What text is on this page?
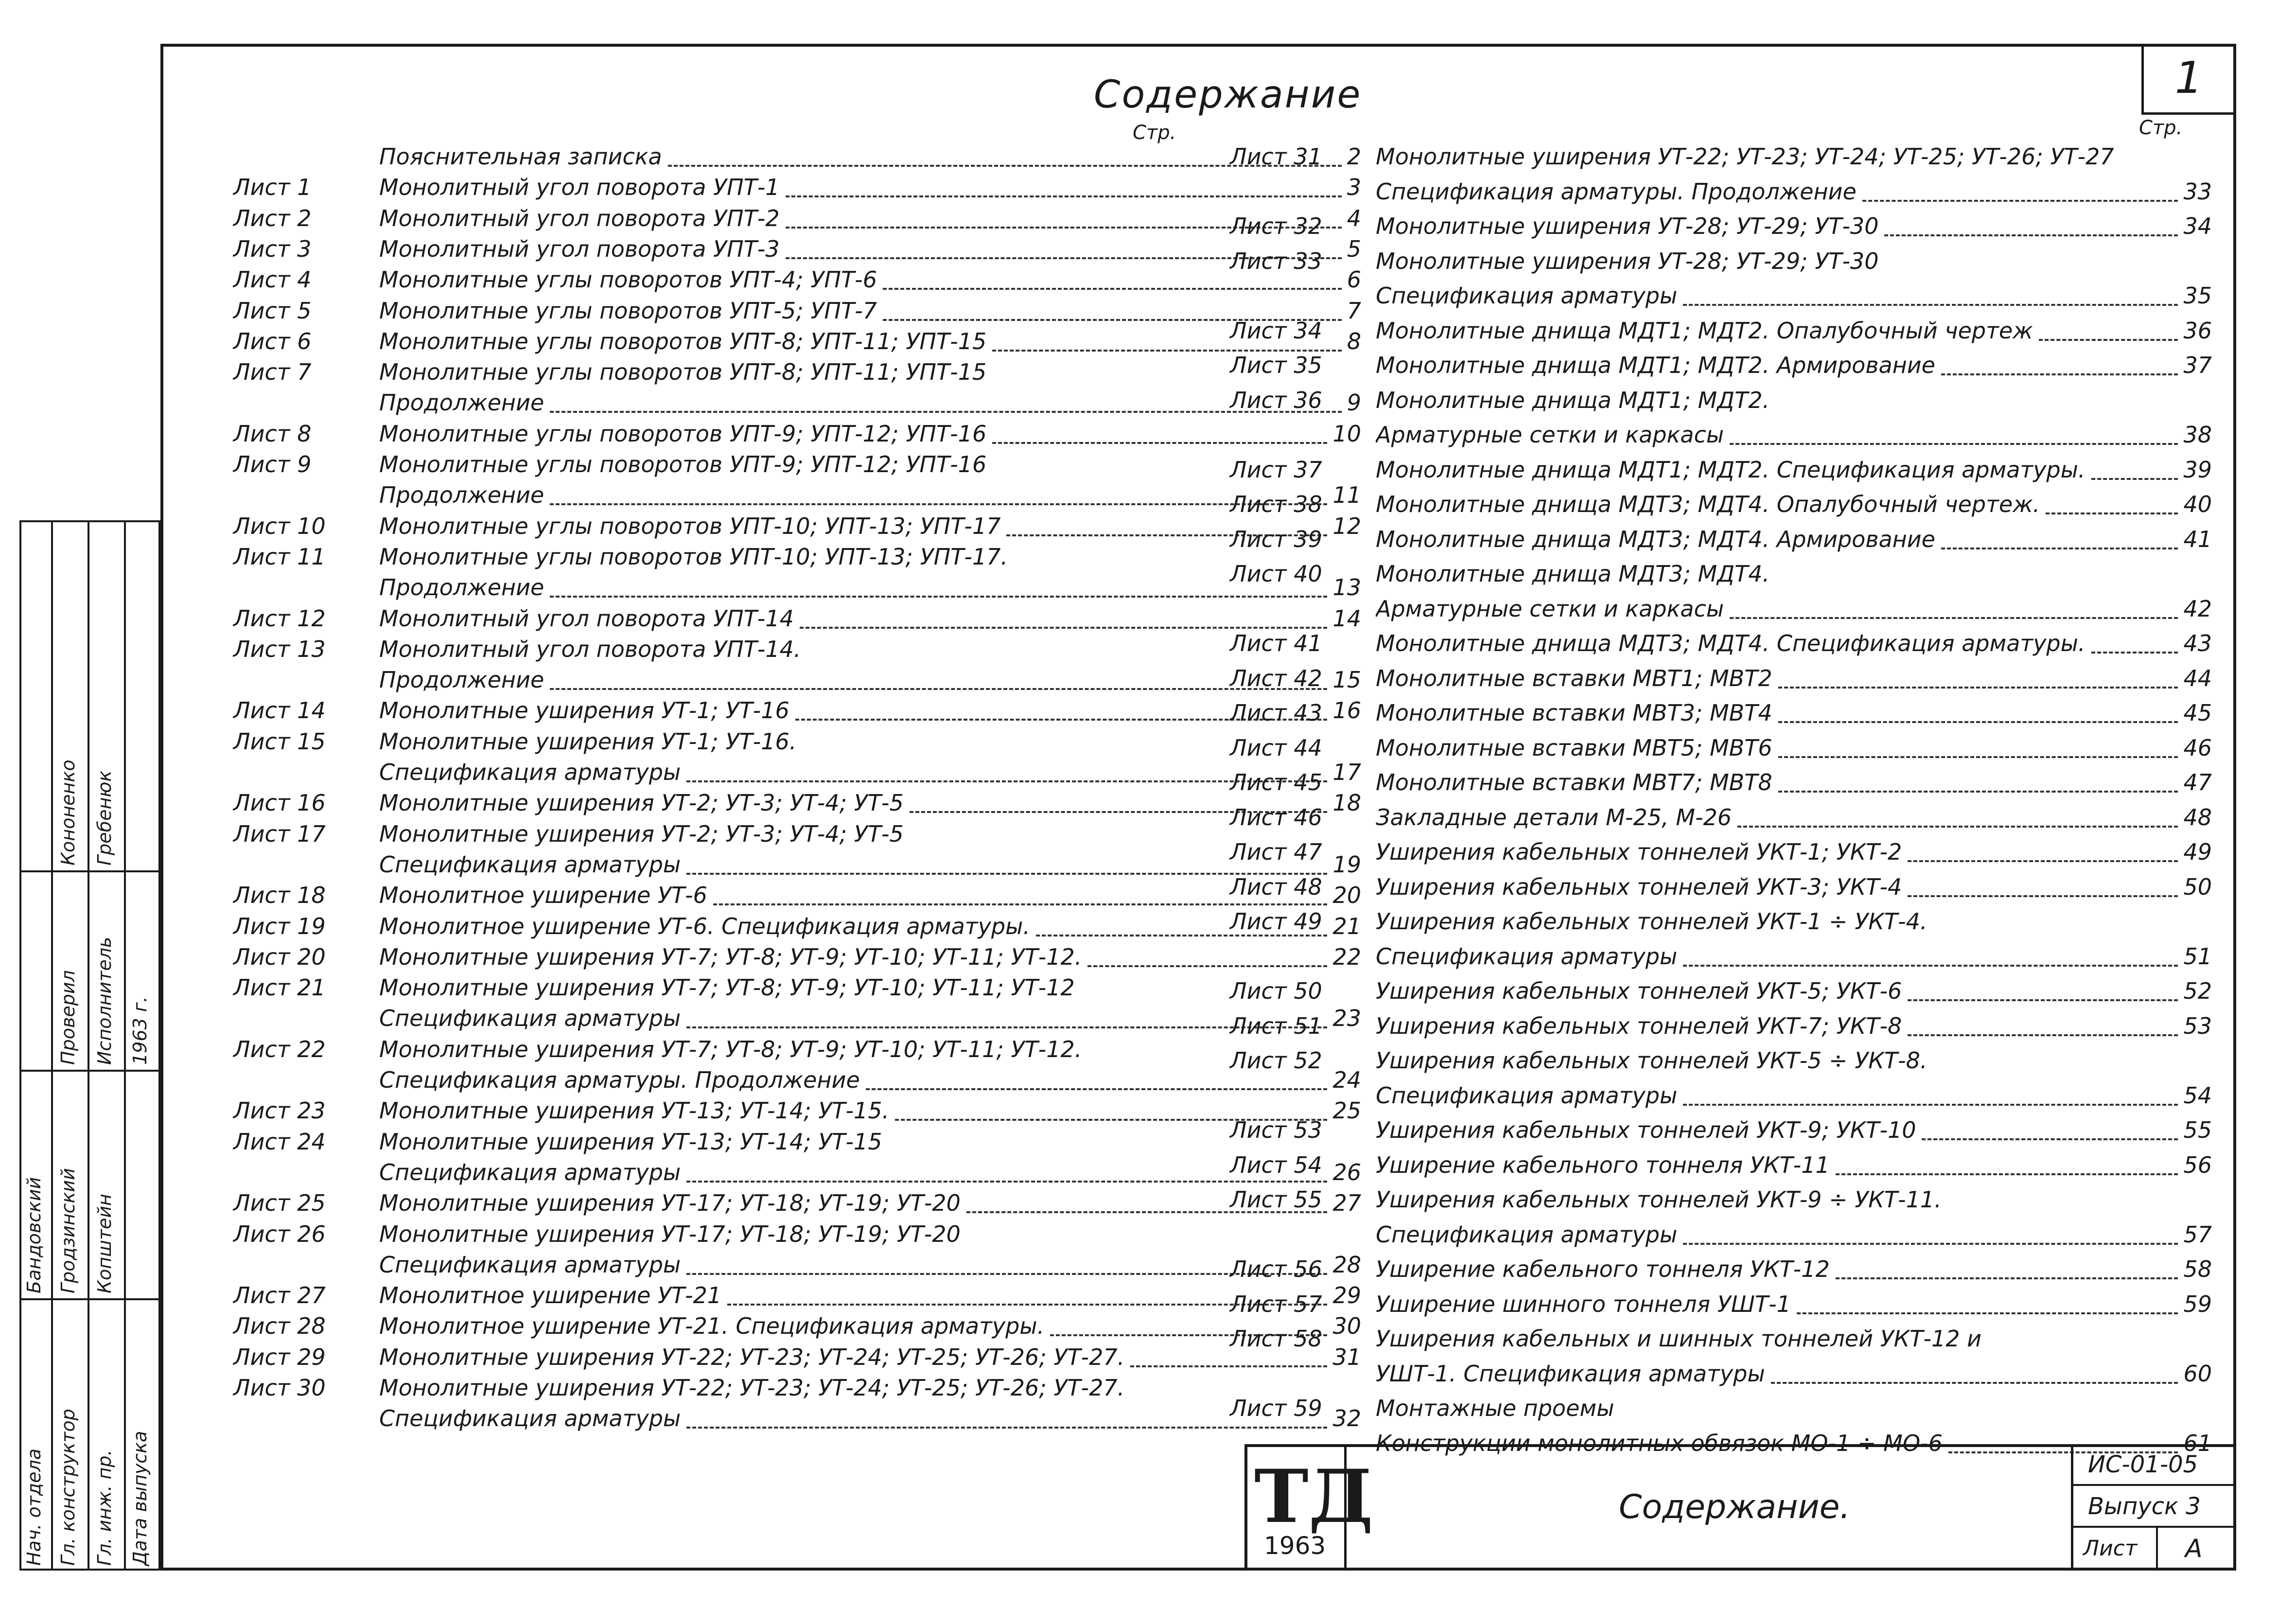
1
Содержание
Стр.	Стр.
Пояснительная записка	2
Лист 1	Монолитный угол поворота УПТ-1	3
Лист 2	Монолитный угол поворота УПТ-2	4
Лист 3	Монолитный угол поворота УПТ-3	5
Лист 4	Монолитные углы поворотов УПТ-4; УПТ-6	6
Лист 5	Монолитные углы поворотов УПТ-5; УПТ-7	7
Лист 6	Монолитные углы поворотов УПТ-8; УПТ-11; УПТ-15	8
Лист 7	Монолитные углы поворотов УПТ-8; УПТ-11; УПТ-15
Продолжение	9
Лист 8	Монолитные углы поворотов УПТ-9; УПТ-12; УПТ-16	10
Лист 9	Монолитные углы поворотов УПТ-9; УПТ-12; УПТ-16
Продолжение	11
Лист 10	Монолитные углы поворотов УПТ-10; УПТ-13; УПТ-17	12
Лист 11	Монолитные углы поворотов УПТ-10; УПТ-13; УПТ-17.
Продолжение	13
Лист 12	Монолитный угол поворота УПТ-14	14
Лист 13	Монолитный угол поворота УПТ-14.
Продолжение	15
Лист 14	Монолитные уширения УТ-1; УТ-16	16
Лист 15	Монолитные уширения УТ-1; УТ-16.
Спецификация арматуры	17
Лист 16	Монолитные уширения УТ-2; УТ-3; УТ-4; УТ-5	18
Лист 17	Монолитные уширения УТ-2; УТ-3; УТ-4; УТ-5
Спецификация арматуры	19
Лист 18	Монолитное уширение УТ-6	20
Лист 19	Монолитное уширение УТ-6. Спецификация арматуры.	21
Лист 20	Монолитные уширения УТ-7; УТ-8; УТ-9; УТ-10; УТ-11; УТ-12.	22
Лист 21	Монолитные уширения УТ-7; УТ-8; УТ-9; УТ-10; УТ-11; УТ-12
Спецификация арматуры	23
Лист 22	Монолитные уширения УТ-7; УТ-8; УТ-9; УТ-10; УТ-11; УТ-12.
Спецификация арматуры. Продолжение	24
Лист 23	Монолитные уширения УТ-13; УТ-14; УТ-15.	25
Лист 24	Монолитные уширения УТ-13; УТ-14; УТ-15
Спецификация арматуры	26
Лист 25	Монолитные уширения УТ-17; УТ-18; УТ-19; УТ-20	27
Лист 26	Монолитные уширения УТ-17; УТ-18; УТ-19; УТ-20
Спецификация арматуры	28
Лист 27	Монолитное уширение УТ-21	29
Лист 28	Монолитное уширение УТ-21. Спецификация арматуры.	30
Лист 29	Монолитные уширения УТ-22; УТ-23; УТ-24; УТ-25; УТ-26; УТ-27.	31
Лист 30	Монолитные уширения УТ-22; УТ-23; УТ-24; УТ-25; УТ-26; УТ-27.
Спецификация арматуры	32
Лист 31	Монолитные уширения УТ-22; УТ-23; УТ-24; УТ-25; УТ-26; УТ-27
Спецификация арматуры. Продолжение	33
Лист 32	Монолитные уширения УТ-28; УТ-29; УТ-30	34
Лист 33	Монолитные уширения УТ-28; УТ-29; УТ-30
Спецификация арматуры	35
Лист 34	Монолитные днища МДТ1; МДТ2. Опалубочный чертеж	36
Лист 35	Монолитные днища МДТ1; МДТ2. Армирование	37
Лист 36	Монолитные днища МДТ1; МДТ2.
Арматурные сетки и каркасы	38
Лист 37	Монолитные днища МДТ1; МДТ2. Спецификация арматуры.	39
Лист 38	Монолитные днища МДТ3; МДТ4. Опалубочный чертеж.	40
Лист 39	Монолитные днища МДТ3; МДТ4. Армирование	41
Лист 40	Монолитные днища МДТ3; МДТ4.
Арматурные сетки и каркасы	42
Лист 41	Монолитные днища МДТ3; МДТ4. Спецификация арматуры.	43
Лист 42	Монолитные вставки МВТ1; МВТ2	44
Лист 43	Монолитные вставки МВТ3; МВТ4	45
Лист 44	Монолитные вставки МВТ5; МВТ6	46
Лист 45	Монолитные вставки МВТ7; МВТ8	47
Лист 46	Закладные детали М-25, М-26	48
Лист 47	Уширения кабельных тоннелей УКТ-1; УКТ-2	49
Лист 48	Уширения кабельных тоннелей УКТ-3; УКТ-4	50
Лист 49	Уширения кабельных тоннелей УКТ-1 ÷ УКТ-4.
Спецификация арматуры	51
Лист 50	Уширения кабельных тоннелей УКТ-5; УКТ-6	52
Лист 51	Уширения кабельных тоннелей УКТ-7; УКТ-8	53
Лист 52	Уширения кабельных тоннелей УКТ-5 ÷ УКТ-8.
Спецификация арматуры	54
Лист 53	Уширения кабельных тоннелей УКТ-9; УКТ-10	55
Лист 54	Уширение кабельного тоннеля УКТ-11	56
Лист 55	Уширения кабельных тоннелей УКТ-9 ÷ УКТ-11.
Спецификация арматуры	57
Лист 56	Уширение кабельного тоннеля УКТ-12	58
Лист 57	Уширение шинного тоннеля УШТ-1	59
Лист 58	Уширения кабельных и шинных тоннелей УКТ-12 и
УШТ-1. Спецификация арматуры	60
Лист 59	Монтажные проемы
Конструкции монолитных обвязок МО-1 ÷ МО-6	61
Нач. отдела Гл. конструктор Гл. инж. пр. Дата выпуска
Бандовский Гродзинский Копштейн
1963 г.
Исполнитель
Проверил
Гребенюк
Кононенко
ТД
1963
Содержание.
ИС-01-05
Выпуск 3
Лист А
